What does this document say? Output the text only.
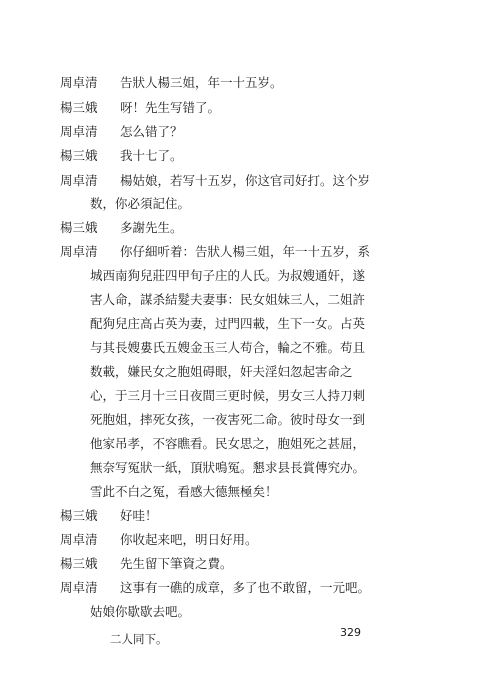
周卓清 告狀人楊三姐，年一十五岁。
楊三娥 呀！先生写错了。
周卓清 怎么错了？
楊三娥 我十七了。
周卓清 楊姑娘，若写十五岁，你这官司好打。这个岁
数，你必須記住。
楊三娥 多謝先生。
周卓清 你仔細听着：告狀人楊三姐，年一十五岁，系
城西南狗兒莊四甲旬子庄的人氏。为叔嫂通奸，遂
害人命，謀杀結髮夫妻事：民女姐妹三人，二姐許
配狗兒庄高占英为妻，过門四載，生下一女。占英
与其長嫂婁氏五嫂金玉三人苟合，輪之不雅。苟且
数載，嫌民女之胞姐碍眼，奸夫淫妇忽起害命之
心，于三月十三日夜間三更时候，男女三人持刀刺
死胞姐，摔死女孩，一夜害死二命。彼时母女一到
他家吊孝，不容瞧看。民女思之，胞姐死之甚屈，
無奈写冤狀一紙，頂狀鳴冤。懇求县長賞傳究办。
雪此不白之冤，看感大德無極矣！
楊三娥 好哇！
周卓清 你收起来吧，明日好用。
楊三娥 先生留下筆資之費。
周卓清 这事有一礁的成章，多了也不敢留，一元吧。
姑娘你歇歇去吧。
二人同下。	329
